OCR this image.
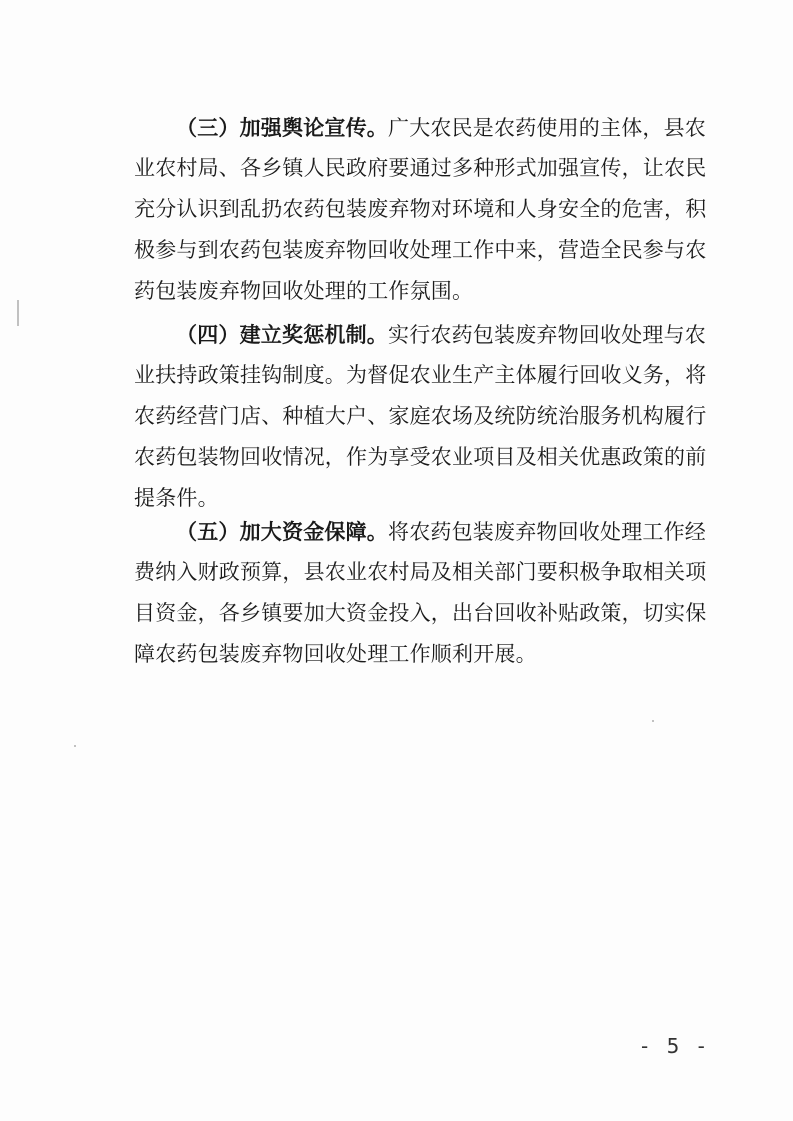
（三）加强舆论宣传。广大农民是农药使用的主体，县农
业农村局、各乡镇人民政府要通过多种形式加强宣传，让农民
充分认识到乱扔农药包装废弃物对环境和人身安全的危害，积
极参与到农药包装废弃物回收处理工作中来，营造全民参与农
药包装废弃物回收处理的工作氛围。
（四）建立奖惩机制。实行农药包装废弃物回收处理与农
业扶持政策挂钩制度。为督促农业生产主体履行回收义务，将
农药经营门店、种植大户、家庭农场及统防统治服务机构履行
农药包装物回收情况，作为享受农业项目及相关优惠政策的前
提条件。
（五）加大资金保障。将农药包装废弃物回收处理工作经
费纳入财政预算，县农业农村局及相关部门要积极争取相关项
目资金，各乡镇要加大资金投入，出台回收补贴政策，切实保
障农药包装废弃物回收处理工作顺利开展。
- 5 -
